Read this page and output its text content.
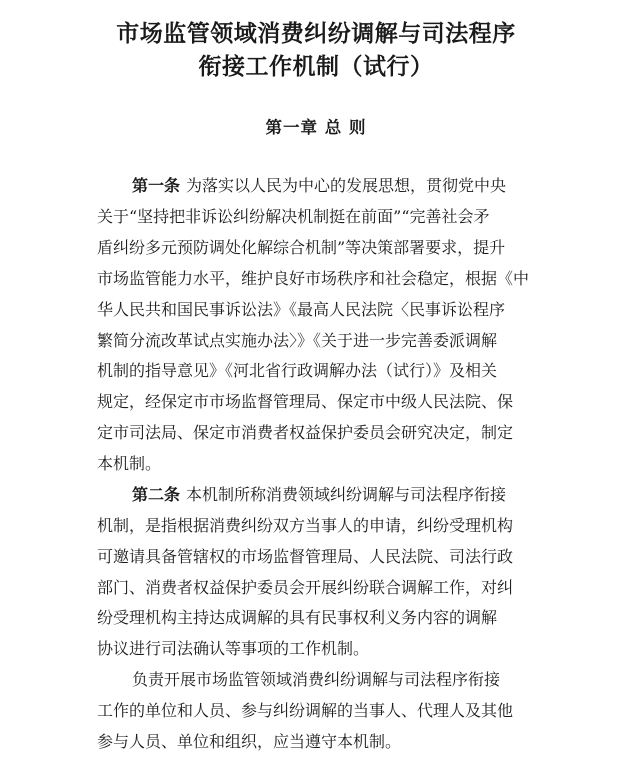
市场监管领域消费纠纷调解与司法程序
衔接工作机制（试行）
第一章 总 则
第一条 为落实以人民为中心的发展思想，贯彻党中央
关于“坚持把非诉讼纠纷解决机制挺在前面”“完善社会矛
盾纠纷多元预防调处化解综合机制”等决策部署要求，提升
市场监管能力水平，维护良好市场秩序和社会稳定，根据《中
华人民共和国民事诉讼法》《最高人民法院〈民事诉讼程序
繁简分流改革试点实施办法〉》《关于进一步完善委派调解
机制的指导意见》《河北省行政调解办法（试行）》及相关
规定，经保定市市场监督管理局、保定市中级人民法院、保
定市司法局、保定市消费者权益保护委员会研究决定，制定
本机制。
第二条 本机制所称消费领域纠纷调解与司法程序衔接
机制，是指根据消费纠纷双方当事人的申请，纠纷受理机构
可邀请具备管辖权的市场监督管理局、人民法院、司法行政
部门、消费者权益保护委员会开展纠纷联合调解工作，对纠
纷受理机构主持达成调解的具有民事权利义务内容的调解
协议进行司法确认等事项的工作机制。
负责开展市场监管领域消费纠纷调解与司法程序衔接
工作的单位和人员、参与纠纷调解的当事人、代理人及其他
参与人员、单位和组织，应当遵守本机制。
